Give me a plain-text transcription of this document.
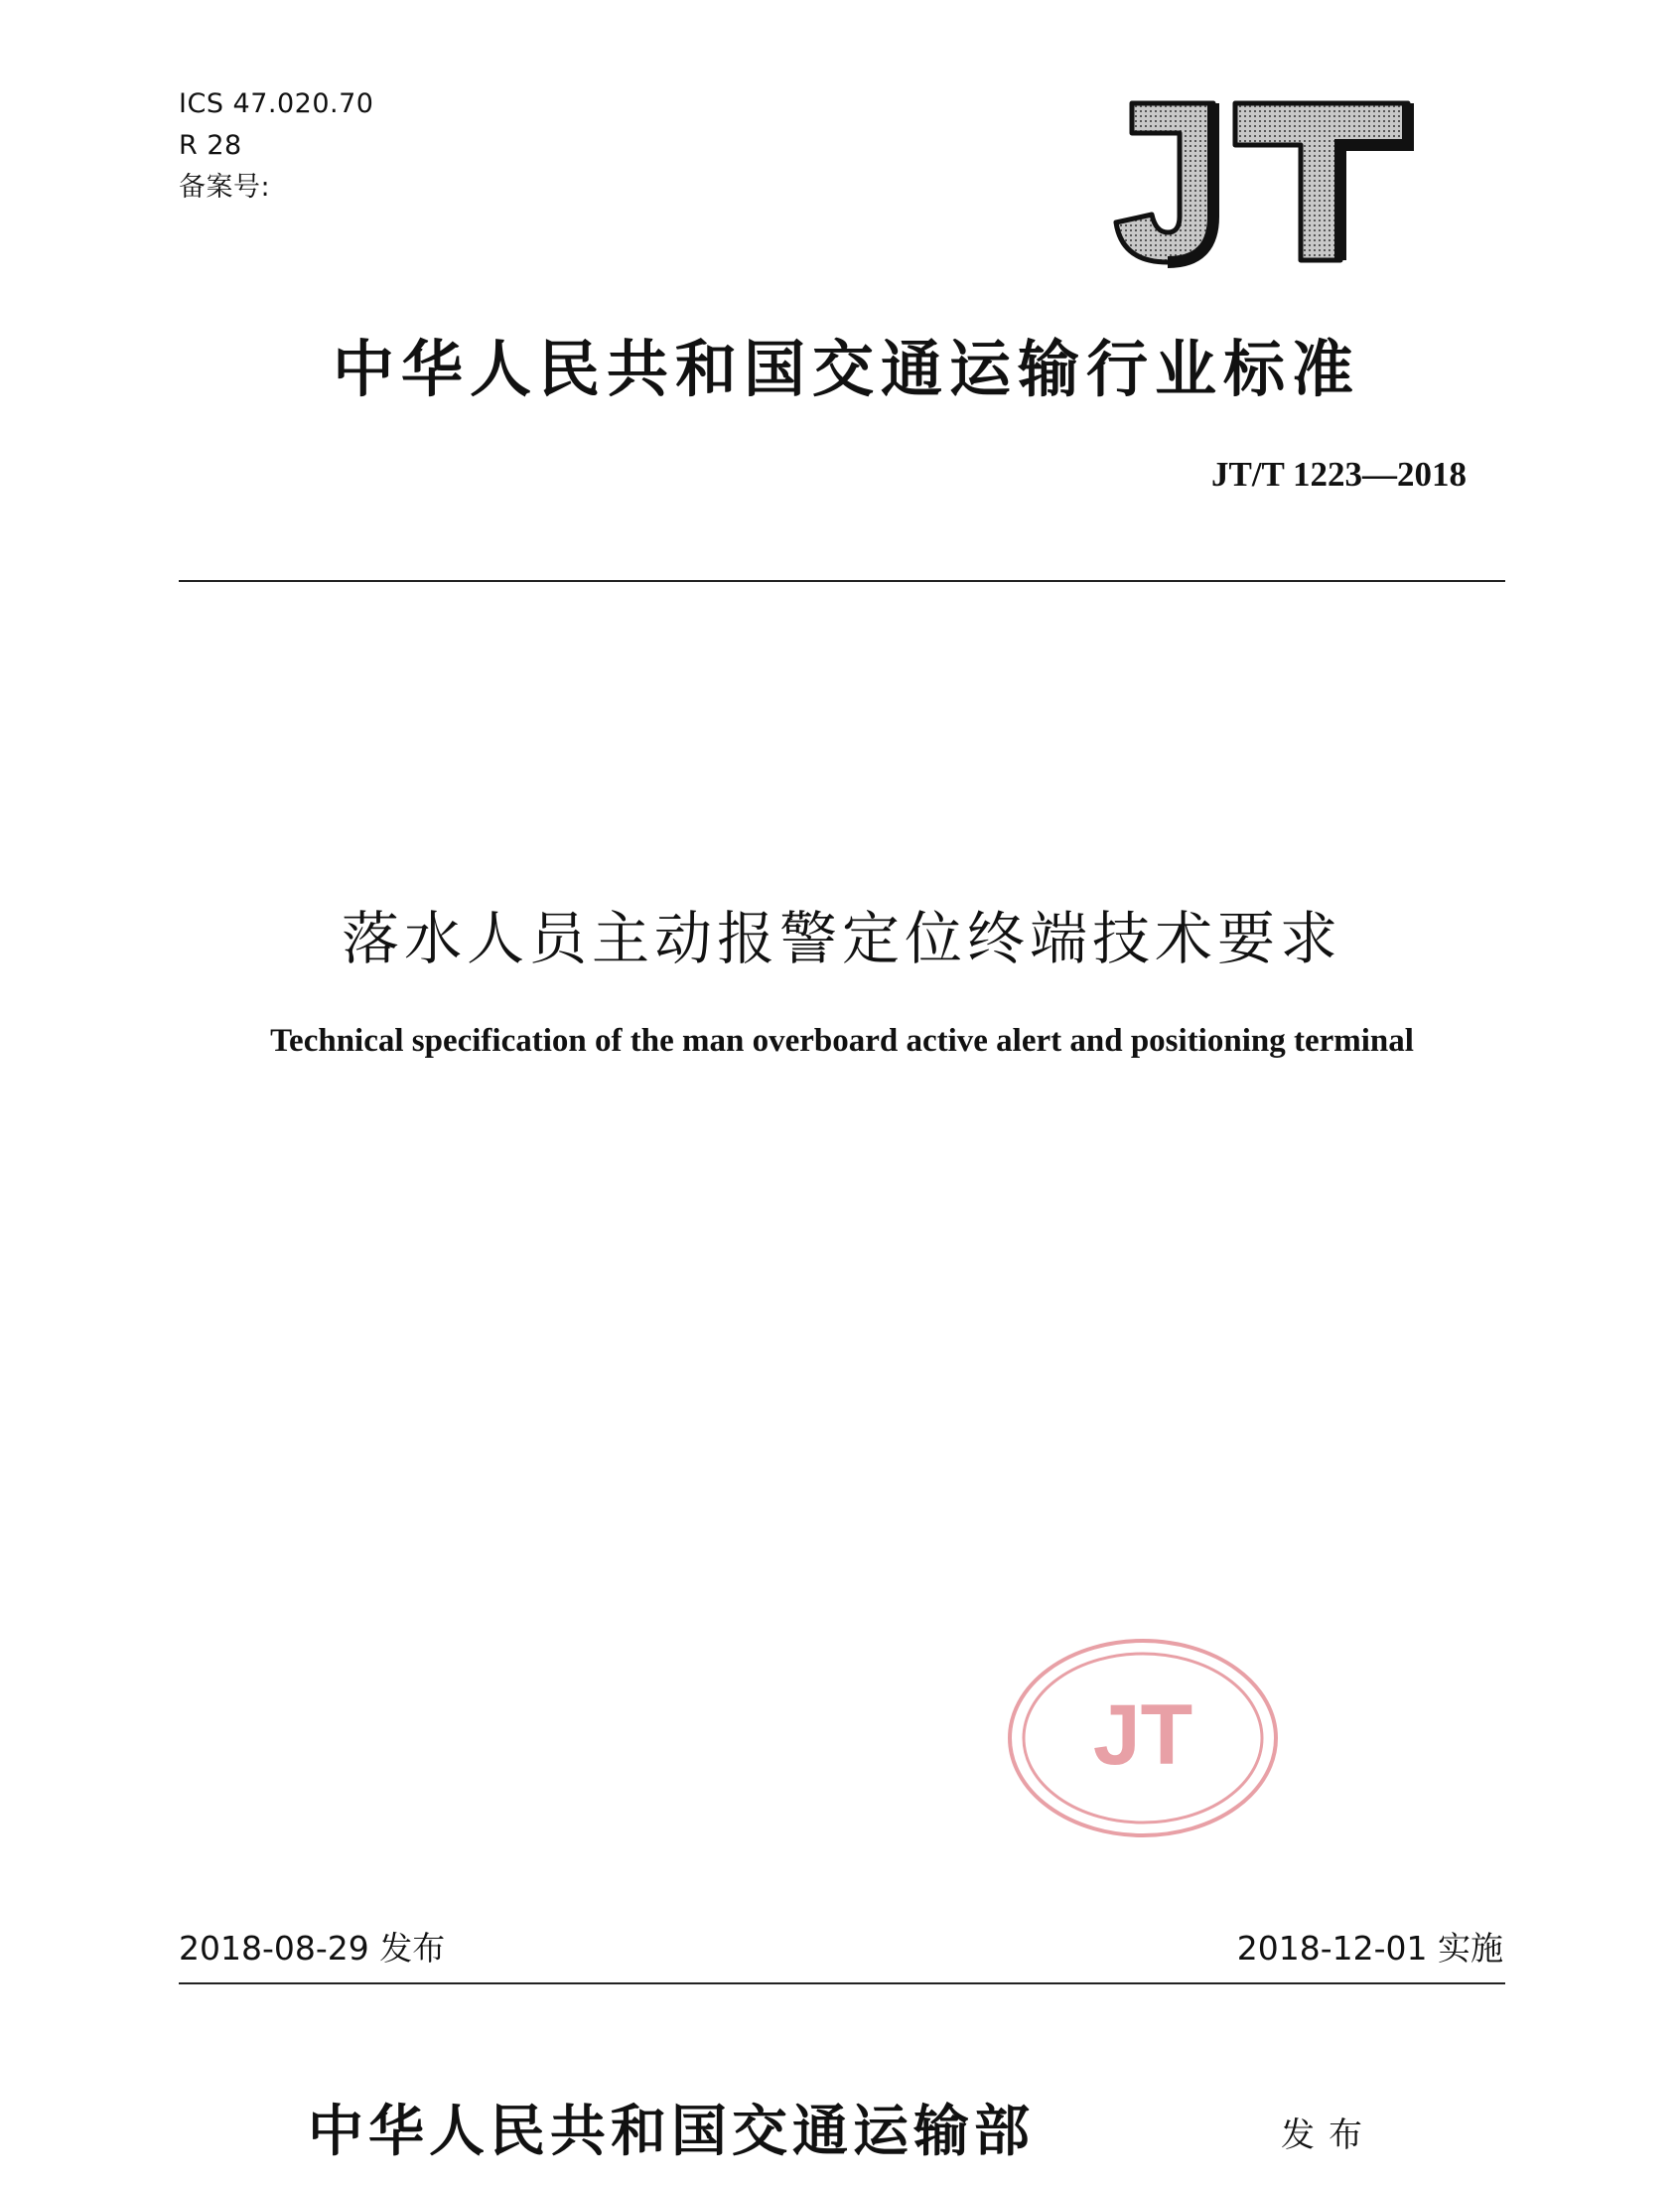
ICS 47.020.70
R 28
备案号:
中华人民共和国交通运输行业标准
JT/T 1223—2018
落水人员主动报警定位终端技术要求
Technical specification of the man overboard active alert and positioning terminal
JT
2018-08-29 发布	2018-12-01 实施
中华人民共和国交通运输部	发布
